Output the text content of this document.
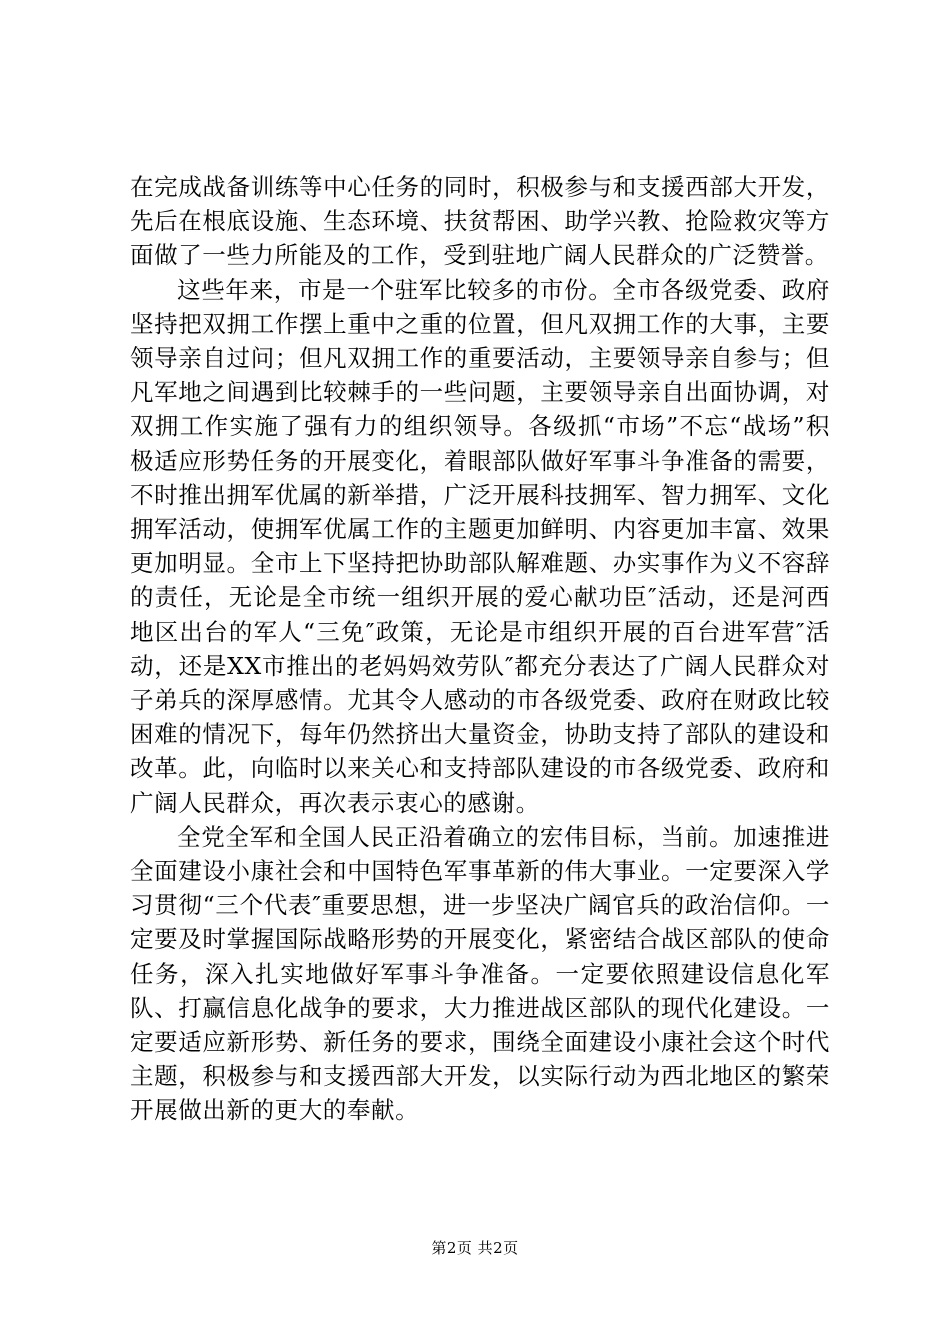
在完成战备训练等中心任务的同时，积极参与和支援西部大开发，先后在根底设施、生态环境、扶贫帮困、助学兴教、抢险救灾等方面做了一些力所能及的工作，受到驻地广阔人民群众的广泛赞誉。

这些年来，市是一个驻军比较多的市份。全市各级党委、政府坚持把双拥工作摆上重中之重的位置，但凡双拥工作的大事，主要领导亲自过问；但凡双拥工作的重要活动，主要领导亲自参与；但凡军地之间遇到比较棘手的一些问题，主要领导亲自出面协调，对双拥工作实施了强有力的组织领导。各级抓“市场”不忘“战场”积极适应形势任务的开展变化，着眼部队做好军事斗争准备的需要，不时推出拥军优属的新举措，广泛开展科技拥军、智力拥军、文化拥军活动，使拥军优属工作的主题更加鲜明、内容更加丰富、效果更加明显。全市上下坚持把协助部队解难题、办实事作为义不容辞的责任，无论是全市统一组织开展的爱心献功臣″活动，还是河西地区出台的军人“三免″政策，无论是市组织开展的百台进军营″活动，还是XX市推出的老妈妈效劳队″都充分表达了广阔人民群众对子弟兵的深厚感情。尤其令人感动的市各级党委、政府在财政比较困难的情况下，每年仍然挤出大量资金，协助支持了部队的建设和改革。此，向临时以来关心和支持部队建设的市各级党委、政府和广阔人民群众，再次表示衷心的感谢。

全党全军和全国人民正沿着确立的宏伟目标，当前。加速推进全面建设小康社会和中国特色军事革新的伟大事业。一定要深入学习贯彻“三个代表″重要思想，进一步坚决广阔官兵的政治信仰。一定要及时掌握国际战略形势的开展变化，紧密结合战区部队的使命任务，深入扎实地做好军事斗争准备。一定要依照建设信息化军队、打赢信息化战争的要求，大力推进战区部队的现代化建设。一定要适应新形势、新任务的要求，围绕全面建设小康社会这个时代主题，积极参与和支援西部大开发，以实际行动为西北地区的繁荣开展做出新的更大的奉献。

第2页 共2页
